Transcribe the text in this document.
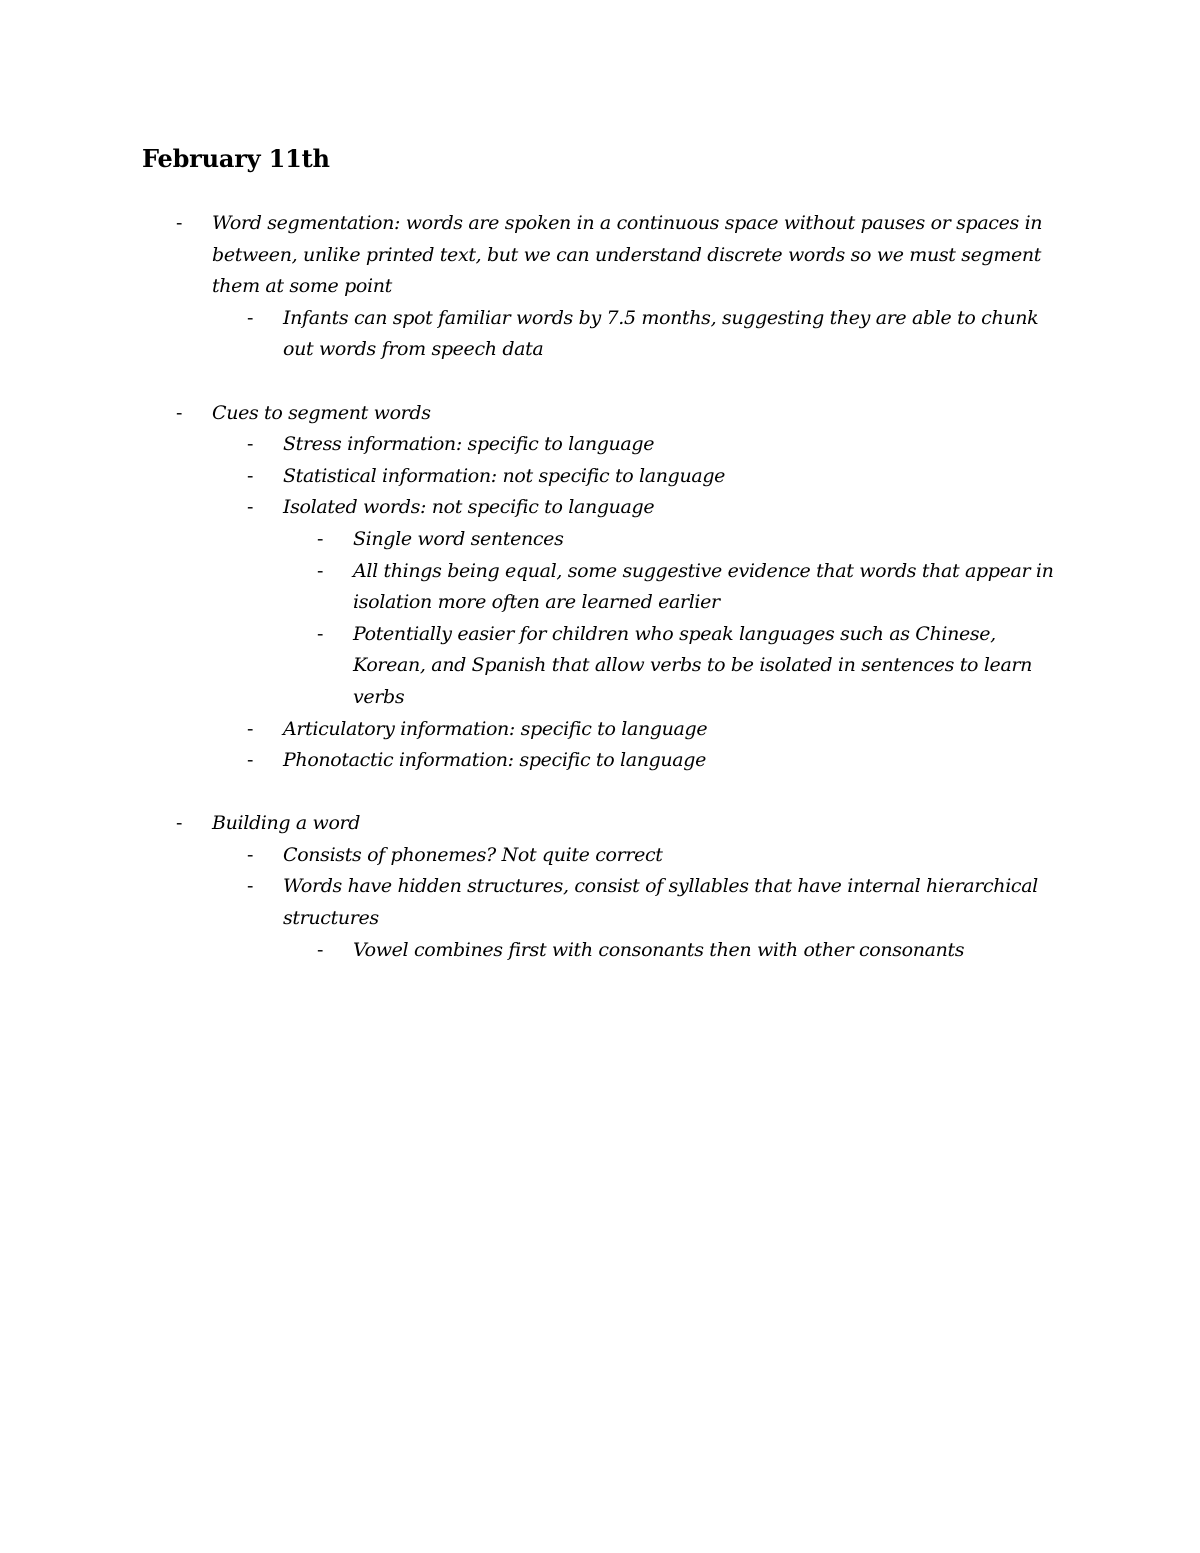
February 11th
- Word segmentation: words are spoken in a continuous space without pauses or spaces in between, unlike printed text, but we can understand discrete words so we must segment them at some point
- Infants can spot familiar words by 7.5 months, suggesting they are able to chunk out words from speech data
- Cues to segment words
- Stress information: specific to language
- Statistical information: not specific to language
- Isolated words: not specific to language
- Single word sentences
- All things being equal, some suggestive evidence that words that appear in isolation more often are learned earlier
- Potentially easier for children who speak languages such as Chinese, Korean, and Spanish that allow verbs to be isolated in sentences to learn verbs
- Articulatory information: specific to language
- Phonotactic information: specific to language
- Building a word
- Consists of phonemes? Not quite correct
- Words have hidden structures, consist of syllables that have internal hierarchical structures
- Vowel combines first with consonants then with other consonants
